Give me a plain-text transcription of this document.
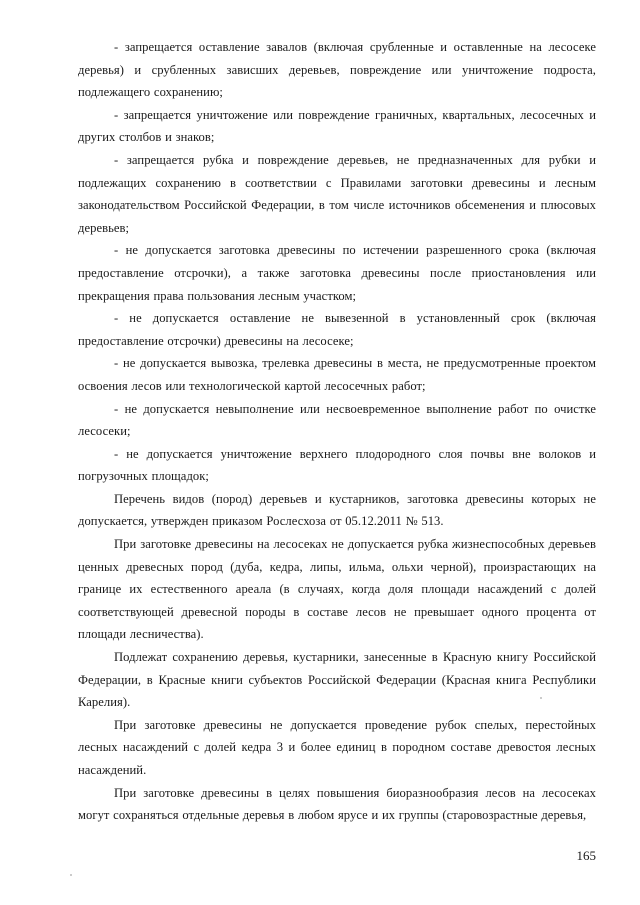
- запрещается оставление завалов (включая срубленные и оставленные на лесосеке деревья) и срубленных зависших деревьев, повреждение или уничтожение подроста, подлежащего сохранению;

- запрещается уничтожение или повреждение граничных, квартальных, лесосечных и других столбов и знаков;

- запрещается рубка и повреждение деревьев, не предназначенных для рубки и подлежащих сохранению в соответствии с Правилами заготовки древесины и лесным законодательством Российской Федерации, в том числе источников обсеменения и плюсовых деревьев;

- не допускается заготовка древесины по истечении разрешенного срока (включая предоставление отсрочки), а также заготовка древесины после приостановления или прекращения права пользования лесным участком;

- не допускается оставление не вывезенной в установленный срок (включая предоставление отсрочки) древесины на лесосеке;

- не допускается вывозка, трелевка древесины в места, не предусмотренные проектом освоения лесов или технологической картой лесосечных работ;

- не допускается невыполнение или несвоевременное выполнение работ по очистке лесосеки;

- не допускается уничтожение верхнего плодородного слоя почвы вне волоков и погрузочных площадок;

Перечень видов (пород) деревьев и кустарников, заготовка древесины которых не допускается, утвержден приказом Рослесхоза от 05.12.2011 № 513.

При заготовке древесины на лесосеках не допускается рубка жизнеспособных деревьев ценных древесных пород (дуба, кедра, липы, ильма, ольхи черной), произрастающих на границе их естественного ареала (в случаях, когда доля площади насаждений с долей соответствующей древесной породы в составе лесов не превышает одного процента от площади лесничества).

Подлежат сохранению деревья, кустарники, занесенные в Красную книгу Российской Федерации, в Красные книги субъектов Российской Федерации (Красная книга Республики Карелия).

При заготовке древесины не допускается проведение рубок спелых, перестойных лесных насаждений с долей кедра 3 и более единиц в породном составе древостоя лесных насаждений.

При заготовке древесины в целях повышения биоразнообразия лесов на лесосеках могут сохраняться отдельные деревья в любом ярусе и их группы (старовозрастные деревья,

165
